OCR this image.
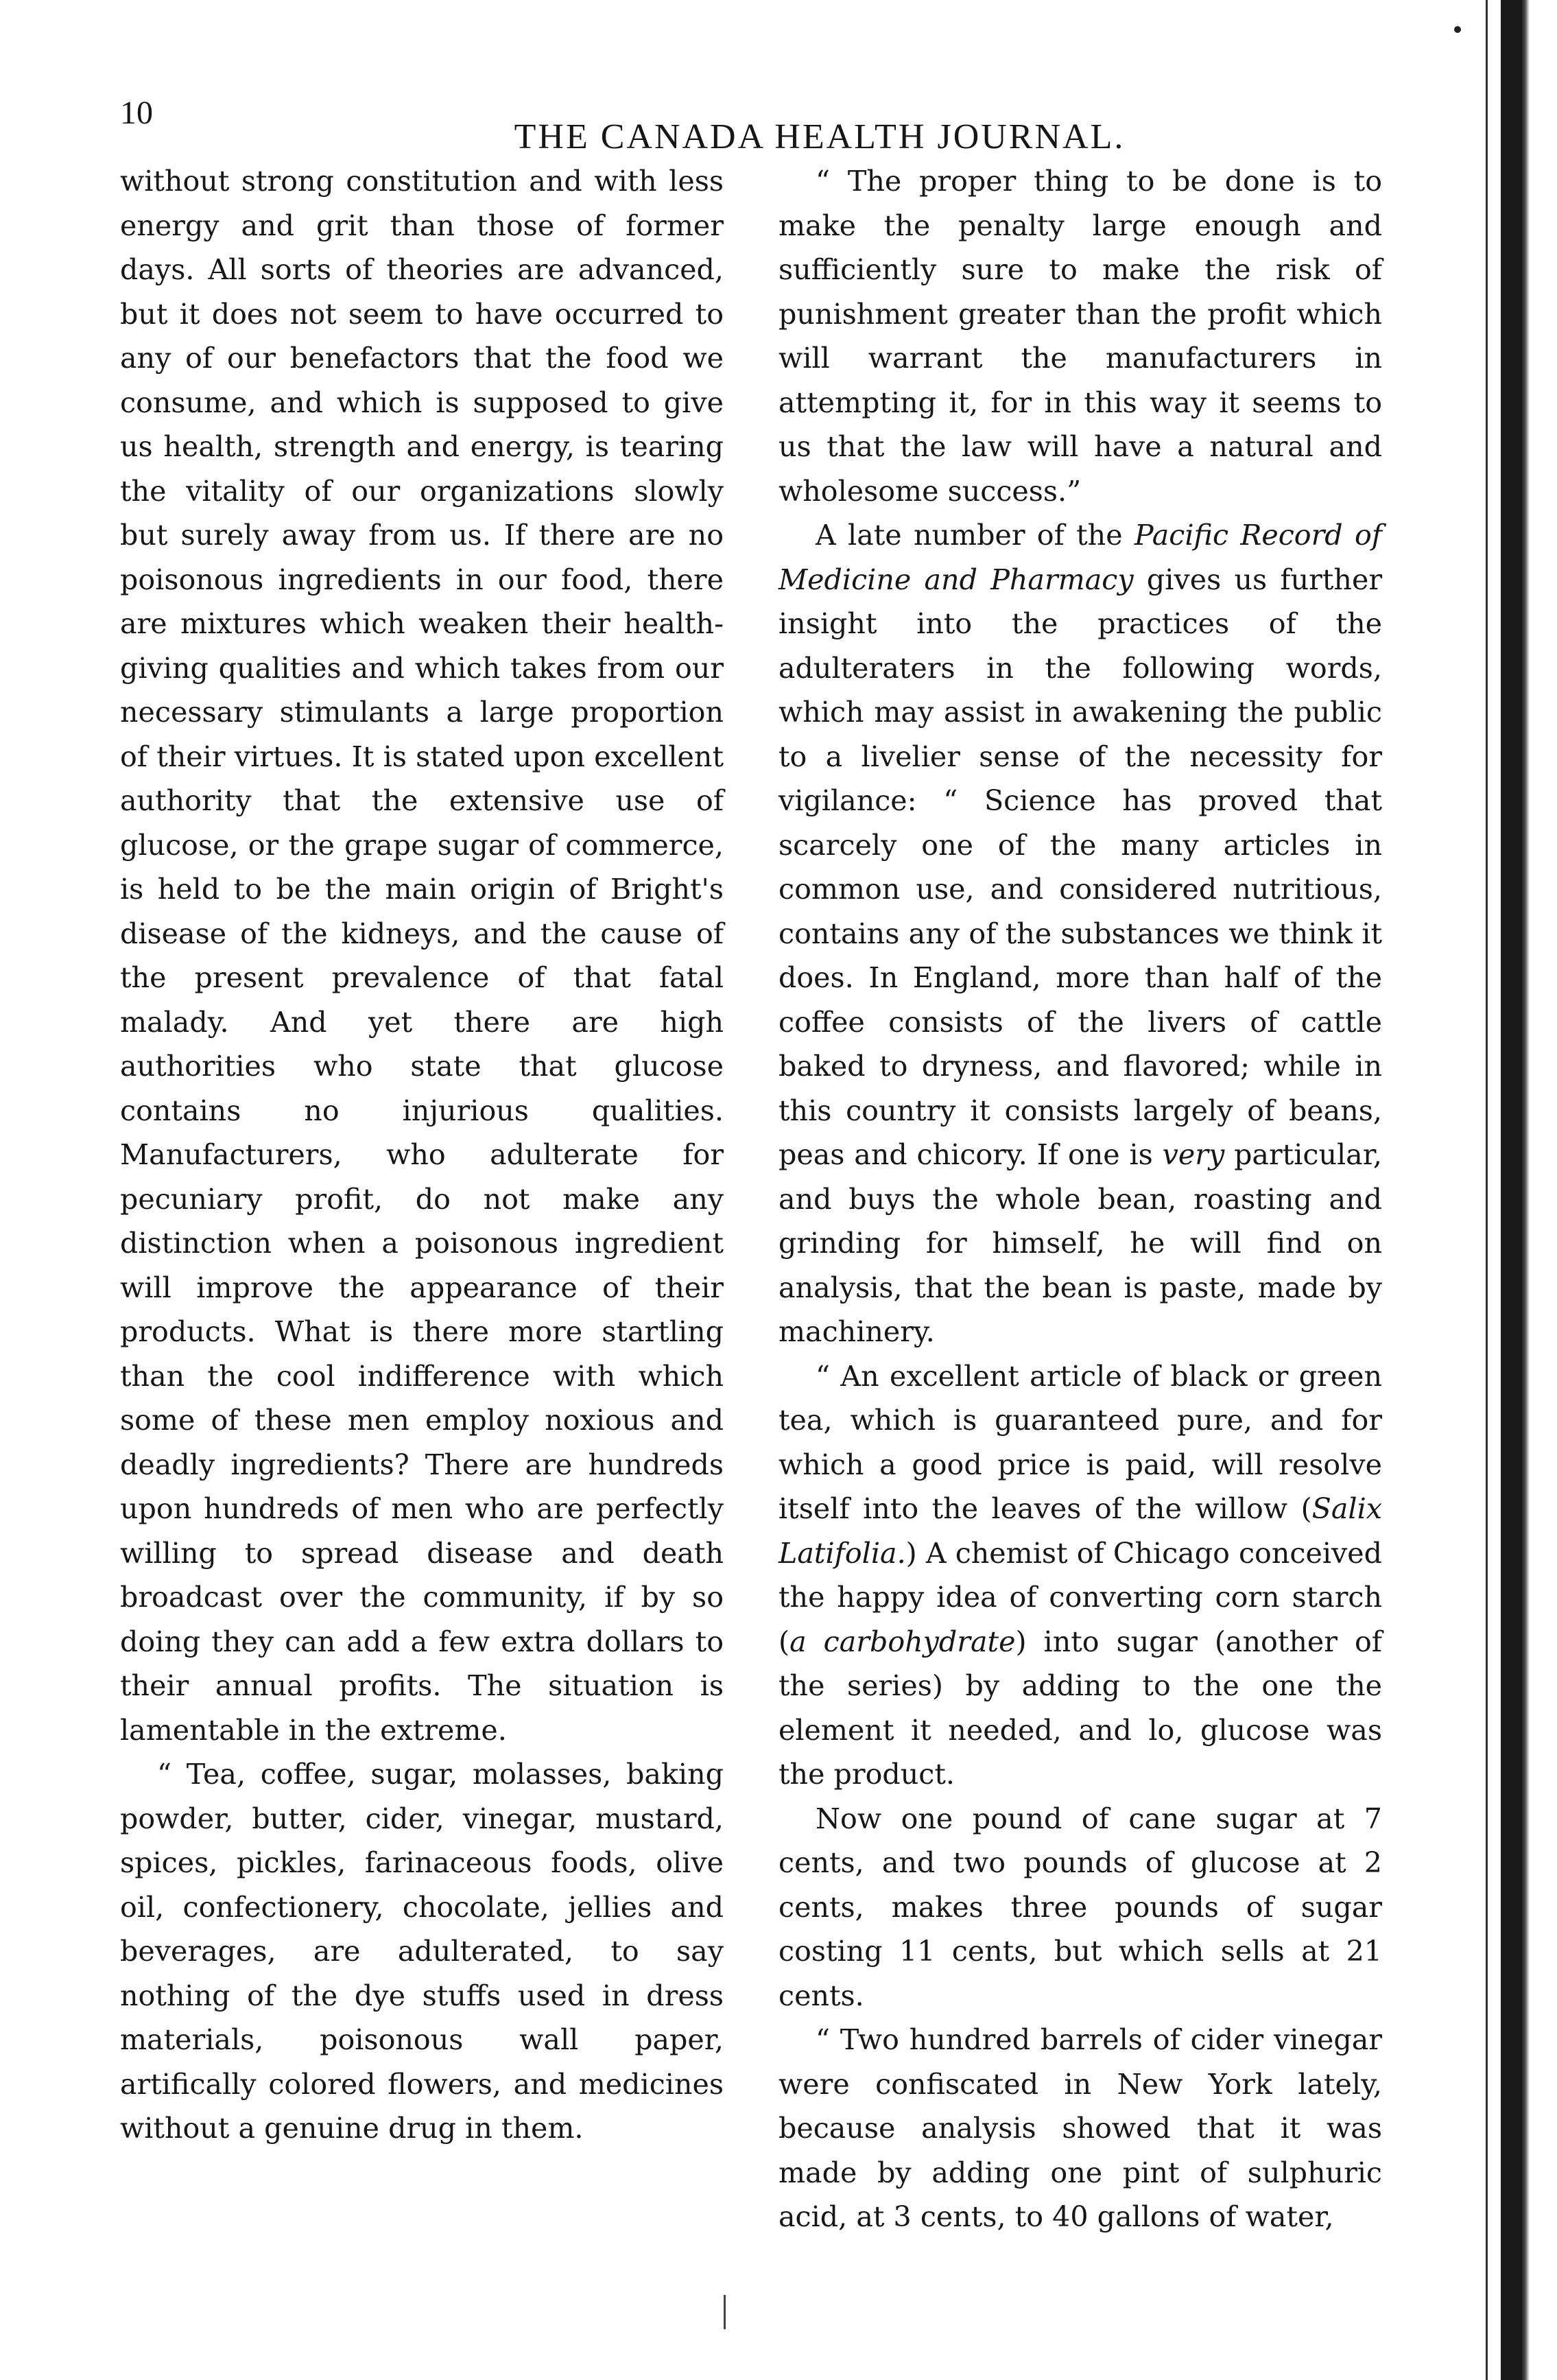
10
THE CANADA HEALTH JOURNAL.

without strong constitution and with less energy and grit than those of former days. All sorts of theories are advanced, but it does not seem to have occurred to any of our benefactors that the food we consume, and which is supposed to give us health, strength and energy, is tearing the vitality of our organizations slowly but surely away from us. If there are no poisonous ingredients in our food, there are mixtures which weaken their health-giving qualities and which takes from our necessary stimulants a large proportion of their virtues. It is stated upon excellent authority that the extensive use of glucose, or the grape sugar of commerce, is held to be the main origin of Bright's disease of the kidneys, and the cause of the present prevalence of that fatal malady. And yet there are high authorities who state that glucose contains no injurious qualities. Manufacturers, who adulterate for pecuniary profit, do not make any distinction when a poisonous ingredient will improve the appearance of their products. What is there more startling than the cool indifference with which some of these men employ noxious and deadly ingredients? There are hundreds upon hundreds of men who are perfectly willing to spread disease and death broadcast over the community, if by so doing they can add a few extra dollars to their annual profits. The situation is lamentable in the extreme.

“ Tea, coffee, sugar, molasses, baking powder, butter, cider, vinegar, mustard, spices, pickles, farinaceous foods, olive oil, confectionery, chocolate, jellies and beverages, are adulterated, to say nothing of the dye stuffs used in dress materials, poisonous wall paper, artifically colored flowers, and medicines without a genuine drug in them.

“ The proper thing to be done is to make the penalty large enough and sufficiently sure to make the risk of punishment greater than the profit which will warrant the manufacturers in attempting it, for in this way it seems to us that the law will have a natural and wholesome success.”

A late number of the Pacific Record of Medicine and Pharmacy gives us further insight into the practices of the adulteraters in the following words, which may assist in awakening the public to a livelier sense of the necessity for vigilance: “ Science has proved that scarcely one of the many articles in common use, and considered nutritious, contains any of the substances we think it does. In England, more than half of the coffee consists of the livers of cattle baked to dryness, and flavored; while in this country it consists largely of beans, peas and chicory. If one is very particular, and buys the whole bean, roasting and grinding for himself, he will find on analysis, that the bean is paste, made by machinery.

“ An excellent article of black or green tea, which is guaranteed pure, and for which a good price is paid, will resolve itself into the leaves of the willow (Salix Latifolia.) A chemist of Chicago conceived the happy idea of converting corn starch (a carbohydrate) into sugar (another of the series) by adding to the one the element it needed, and lo, glucose was the product.

Now one pound of cane sugar at 7 cents, and two pounds of glucose at 2 cents, makes three pounds of sugar costing 11 cents, but which sells at 21 cents.

“ Two hundred barrels of cider vinegar were confiscated in New York lately, because analysis showed that it was made by adding one pint of sulphuric acid, at 3 cents, to 40 gallons of water,
